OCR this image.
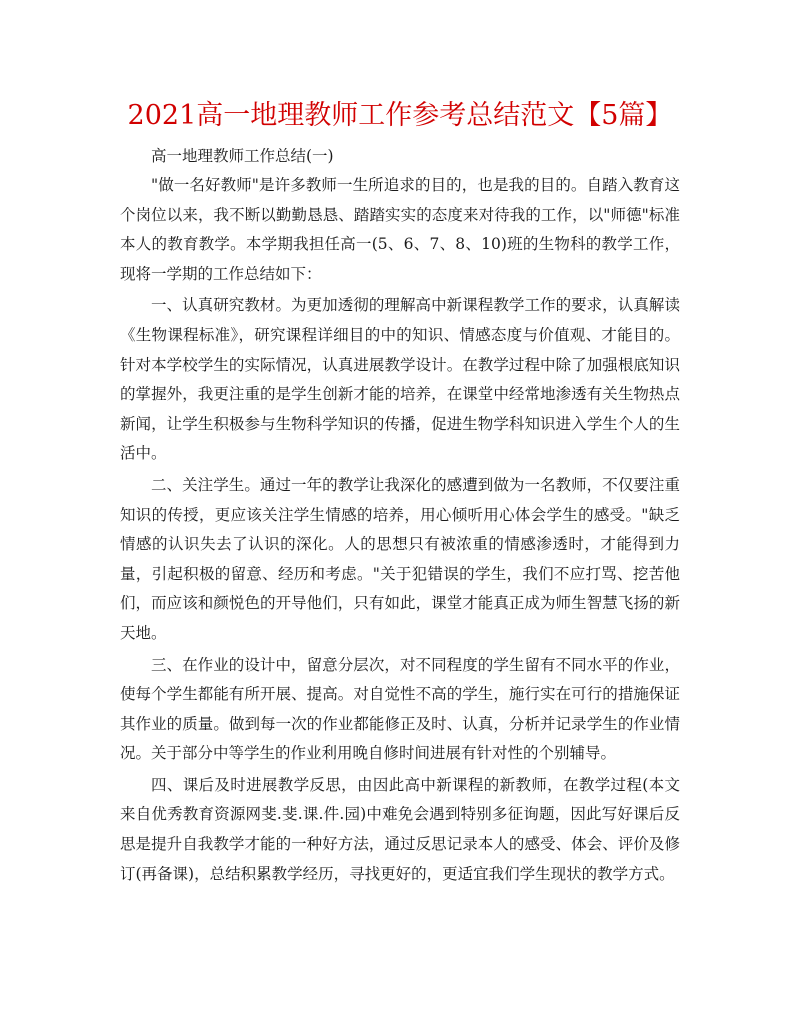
2021高一地理教师工作参考总结范文【5篇】
高一地理教师工作总结(一)

"做一名好教师"是许多教师一生所追求的目的，也是我的目的。自踏入教育这个岗位以来，我不断以勤勤恳恳、踏踏实实的态度来对待我的工作，以"师德"标准本人的教育教学。本学期我担任高一(5、6、7、8、10)班的生物科的教学工作，现将一学期的工作总结如下：

一、认真研究教材。为更加透彻的理解高中新课程教学工作的要求，认真解读《生物课程标准》，研究课程详细目的中的知识、情感态度与价值观、才能目的。针对本学校学生的实际情况，认真进展教学设计。在教学过程中除了加强根底知识的掌握外，我更注重的是学生创新才能的培养，在课堂中经常地渗透有关生物热点新闻，让学生积极参与生物科学知识的传播，促进生物学科知识进入学生个人的生活中。

二、关注学生。通过一年的教学让我深化的感遭到做为一名教师，不仅要注重知识的传授，更应该关注学生情感的培养，用心倾听用心体会学生的感受。"缺乏情感的认识失去了认识的深化。人的思想只有被浓重的情感渗透时，才能得到力量，引起积极的留意、经历和考虑。"关于犯错误的学生，我们不应打骂、挖苦他们，而应该和颜悦色的开导他们，只有如此，课堂才能真正成为师生智慧飞扬的新天地。

三、在作业的设计中，留意分层次，对不同程度的学生留有不同水平的作业，使每个学生都能有所开展、提高。对自觉性不高的学生，施行实在可行的措施保证其作业的质量。做到每一次的作业都能修正及时、认真，分析并记录学生的作业情况。关于部分中等学生的作业利用晚自修时间进展有针对性的个别辅导。

四、课后及时进展教学反思，由因此高中新课程的新教师，在教学过程(本文来自优秀教育资源网斐.斐.课.件.园)中难免会遇到特别多征询题，因此写好课后反思是提升自我教学才能的一种好方法，通过反思记录本人的感受、体会、评价及修订(再备课)，总结积累教学经历，寻找更好的，更适宜我们学生现状的教学方式。
